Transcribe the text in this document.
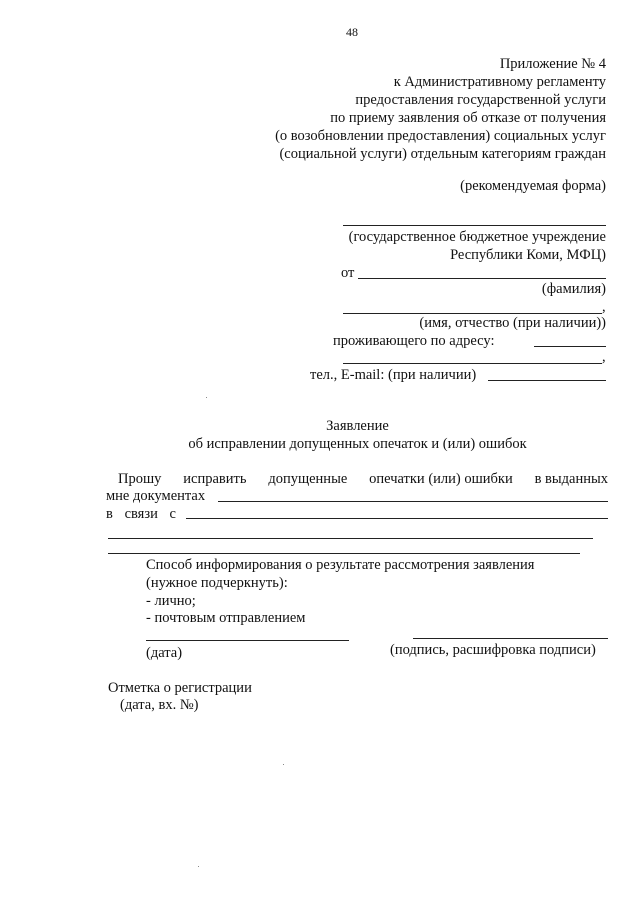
48
Приложение № 4
к Административному регламенту
предоставления государственной услуги
по приему заявления об отказе от получения
(о возобновлении предоставления) социальных услуг
(социальной услуги) отдельным категориям граждан
(рекомендуемая форма)
(государственное бюджетное учреждение
Республики Коми, МФЦ)
от
(фамилия)
,
(имя, отчество (при наличии))
проживающего по адресу:
,
тел., E-mail: (при наличии)
Заявление
об исправлении допущенных опечаток и (или) ошибок
Прошу исправить допущенные опечатки (или) ошибки в выданных
мне документах
в связи с
Способ информирования о результате рассмотрения заявления
(нужное подчеркнуть):
- лично;
- почтовым отправлением
(дата)	(подпись, расшифровка подписи)
Отметка о регистрации
(дата, вх. №)
